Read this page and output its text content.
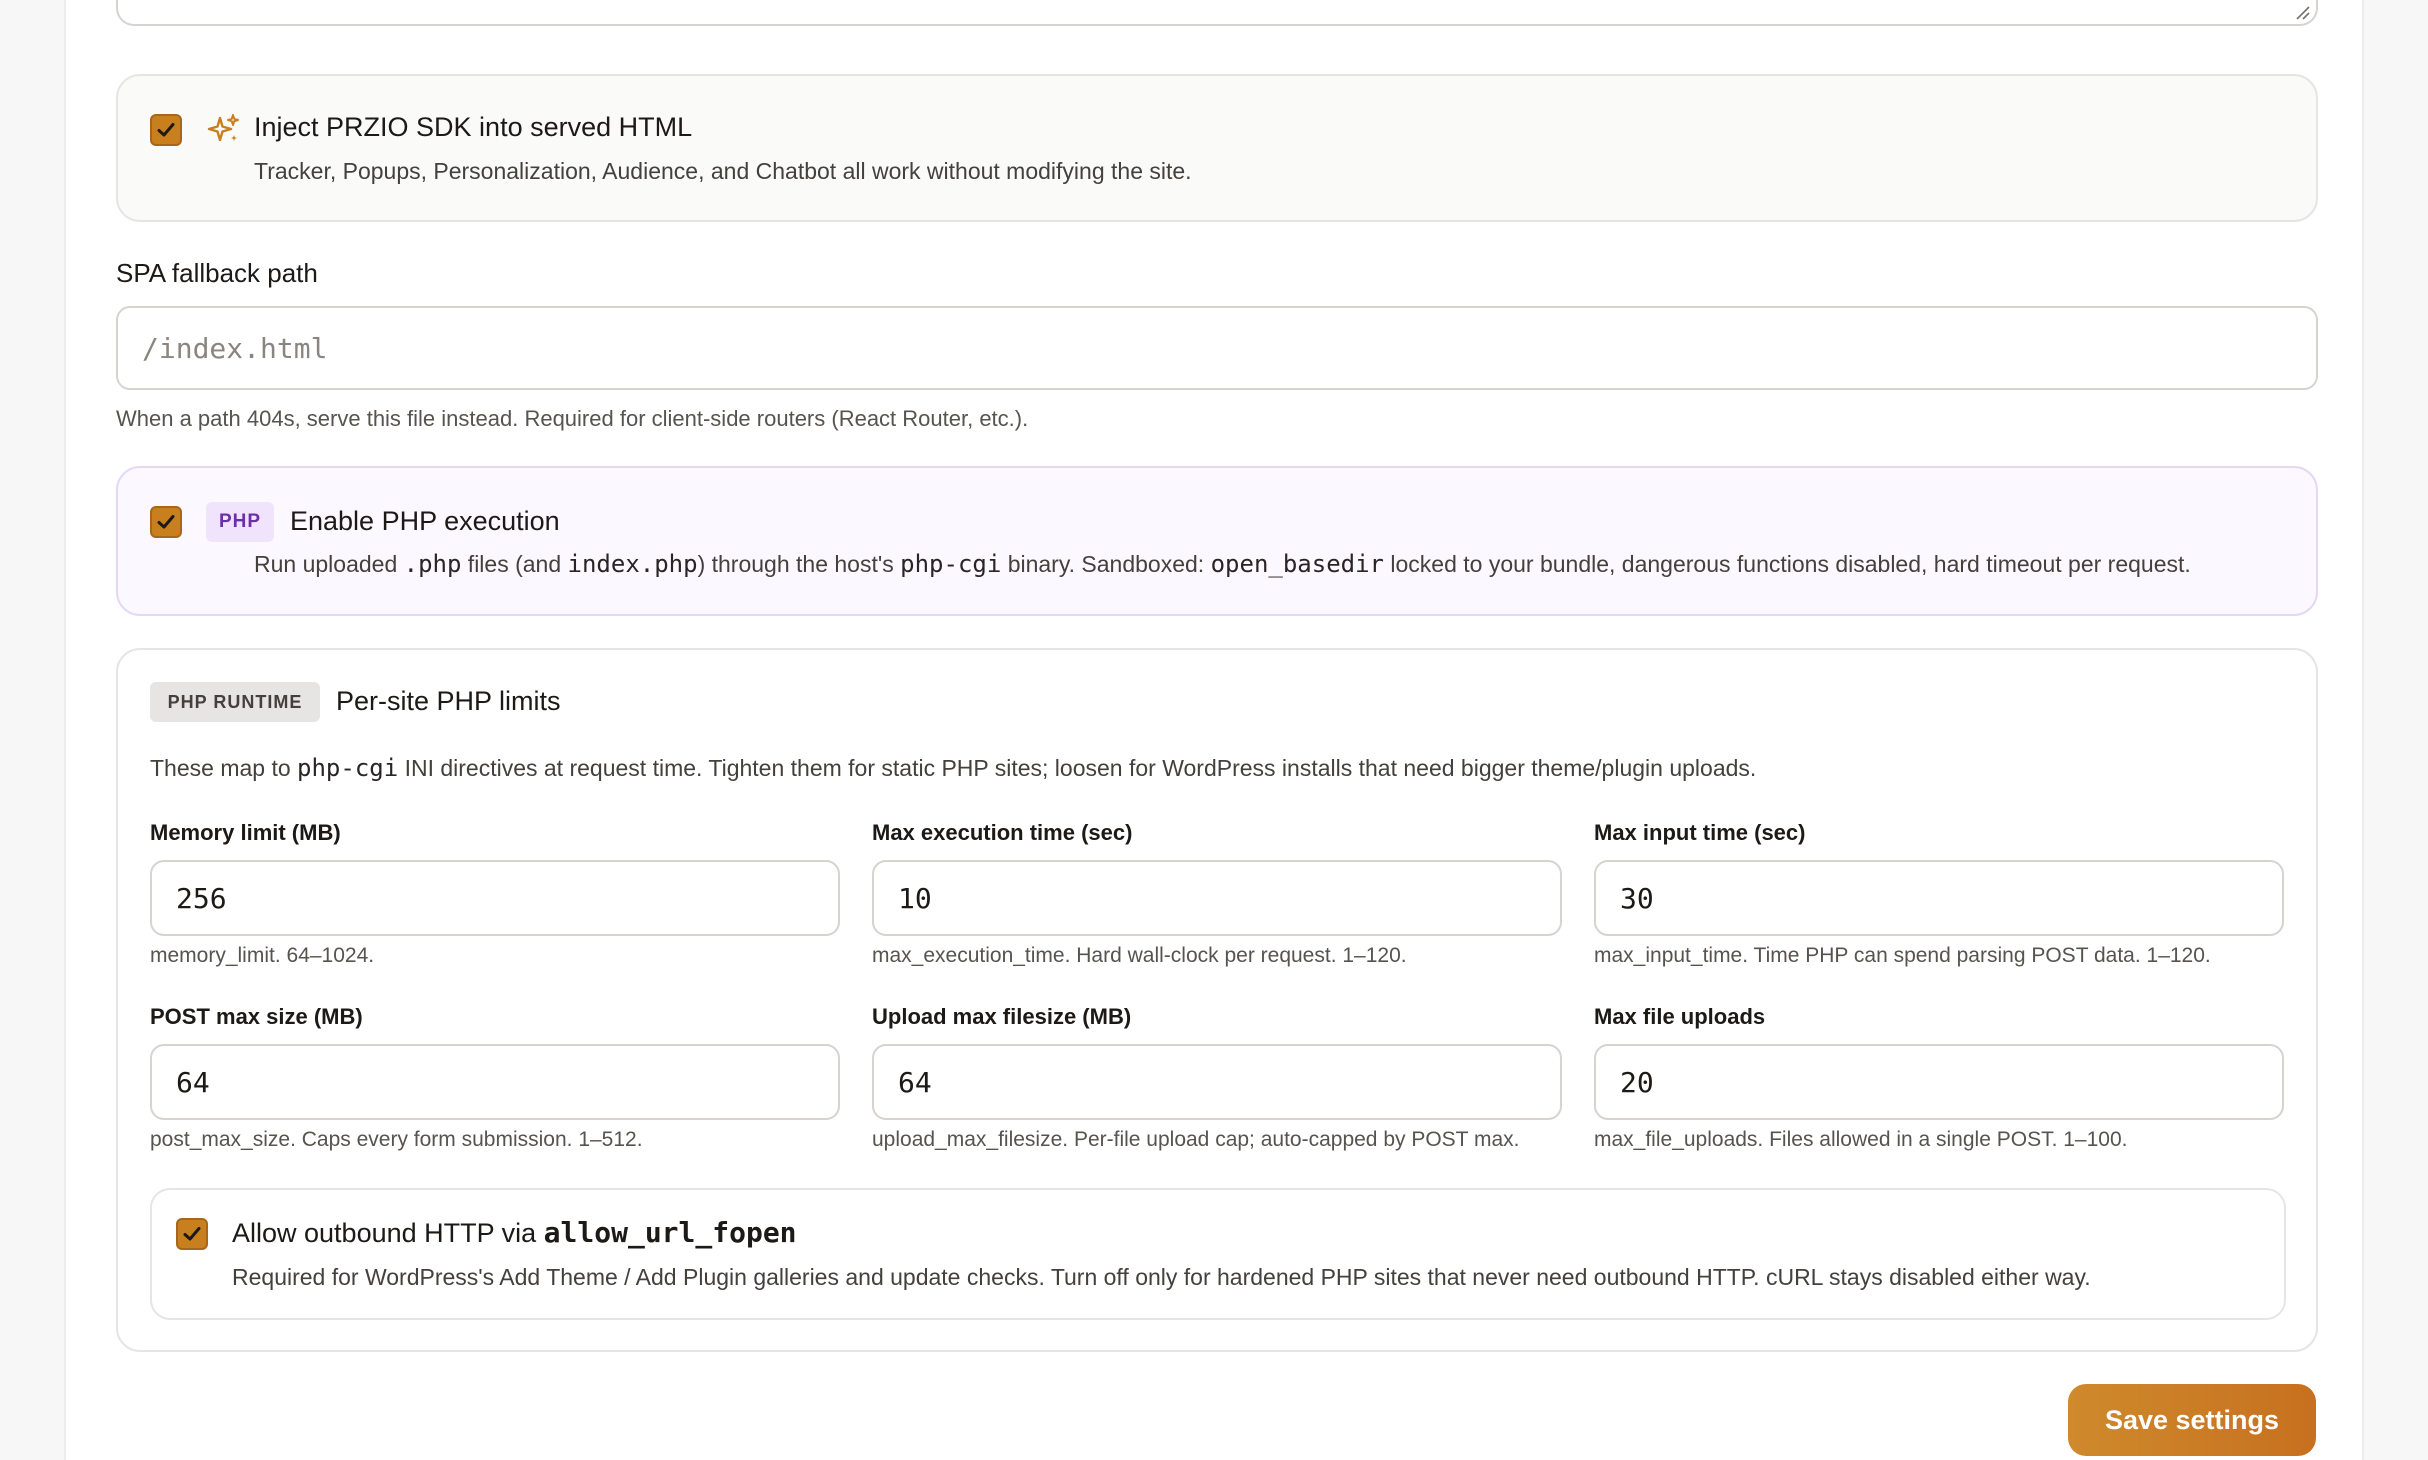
Inject PRZIO SDK into served HTML
Tracker, Popups, Personalization, Audience, and Chatbot all work without modifying the site.
SPA fallback path
/index.html
When a path 404s, serve this file instead. Required for client-side routers (React Router, etc.).
PHP	Enable PHP execution
Run uploaded .php files (and index.php) through the host's php-cgi binary. Sandboxed: open_basedir locked to your bundle, dangerous functions disabled, hard timeout per request.
PHP RUNTIME	Per-site PHP limits
These map to php-cgi INI directives at request time. Tighten them for static PHP sites; loosen for WordPress installs that need bigger theme/plugin uploads.
Memory limit (MB)
256
memory_limit. 64–1024.
Max execution time (sec)
10
max_execution_time. Hard wall-clock per request. 1–120.
Max input time (sec)
30
max_input_time. Time PHP can spend parsing POST data. 1–120.
POST max size (MB)
64
post_max_size. Caps every form submission. 1–512.
Upload max filesize (MB)
64
upload_max_filesize. Per-file upload cap; auto-capped by POST max.
Max file uploads
20
max_file_uploads. Files allowed in a single POST. 1–100.
Allow outbound HTTP via allow_url_fopen
Required for WordPress's Add Theme / Add Plugin galleries and update checks. Turn off only for hardened PHP sites that never need outbound HTTP. cURL stays disabled either way.
Save settings
